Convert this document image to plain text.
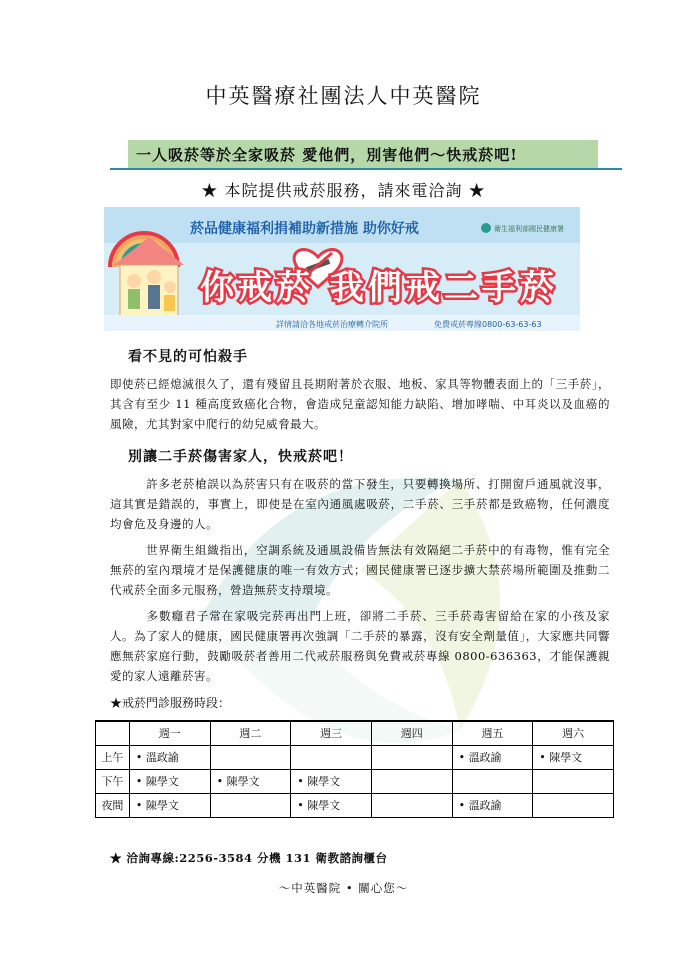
中英醫療社團法人中英醫院
一人吸菸等於全家吸菸 愛他們，別害他們～快戒菸吧!
★ 本院提供戒菸服務，請來電洽詢 ★
菸品健康福利捐補助新措施 助你好戒	衛生福利部國民健康署
你戒菸 我們戒二手菸
詳情請洽各地戒菸治療轉介院所	免費戒菸專線0800-63-63-63
看不見的可怕殺手
即使菸已經熄滅很久了，還有殘留且長期附著於衣服、地板、家具等物體表面上的「三手菸」，其含有至少 11 種高度致癌化合物，會造成兒童認知能力缺陷、增加哮喘、中耳炎以及血癌的風險，尤其對家中爬行的幼兒威脅最大。
別讓二手菸傷害家人，快戒菸吧！
許多老菸槍誤以為菸害只有在吸菸的當下發生，只要轉換場所、打開窗戶通風就沒事，這其實是錯誤的，事實上，即使是在室內通風處吸菸，二手菸、三手菸都是致癌物，任何濃度均會危及身邊的人。
世界衛生組織指出，空調系統及通風設備皆無法有效隔絕二手菸中的有毒物，惟有完全無菸的室內環境才是保護健康的唯一有效方式；國民健康署已逐步擴大禁菸場所範圍及推動二代戒菸全面多元服務，營造無菸支持環境。
多數癮君子常在家吸完菸再出門上班，卻將二手菸、三手菸毒害留給在家的小孩及家人。為了家人的健康，國民健康署再次強調「二手菸的暴露，沒有安全劑量值」，大家應共同響應無菸家庭行動，鼓勵吸菸者善用二代戒菸服務與免費戒菸專線 0800-636363，才能保護親愛的家人遠離菸害。
★戒菸門診服務時段：
	週一	週二	週三	週四	週五	週六
上午	• 溫政諭				• 溫政諭	• 陳學文
下午	• 陳學文	• 陳學文	• 陳學文			
夜間	• 陳學文		• 陳學文		• 溫政諭	
★ 洽詢專線:2256-3584 分機 131 衛教諮詢櫃台
～中英醫院 • 關心您～
